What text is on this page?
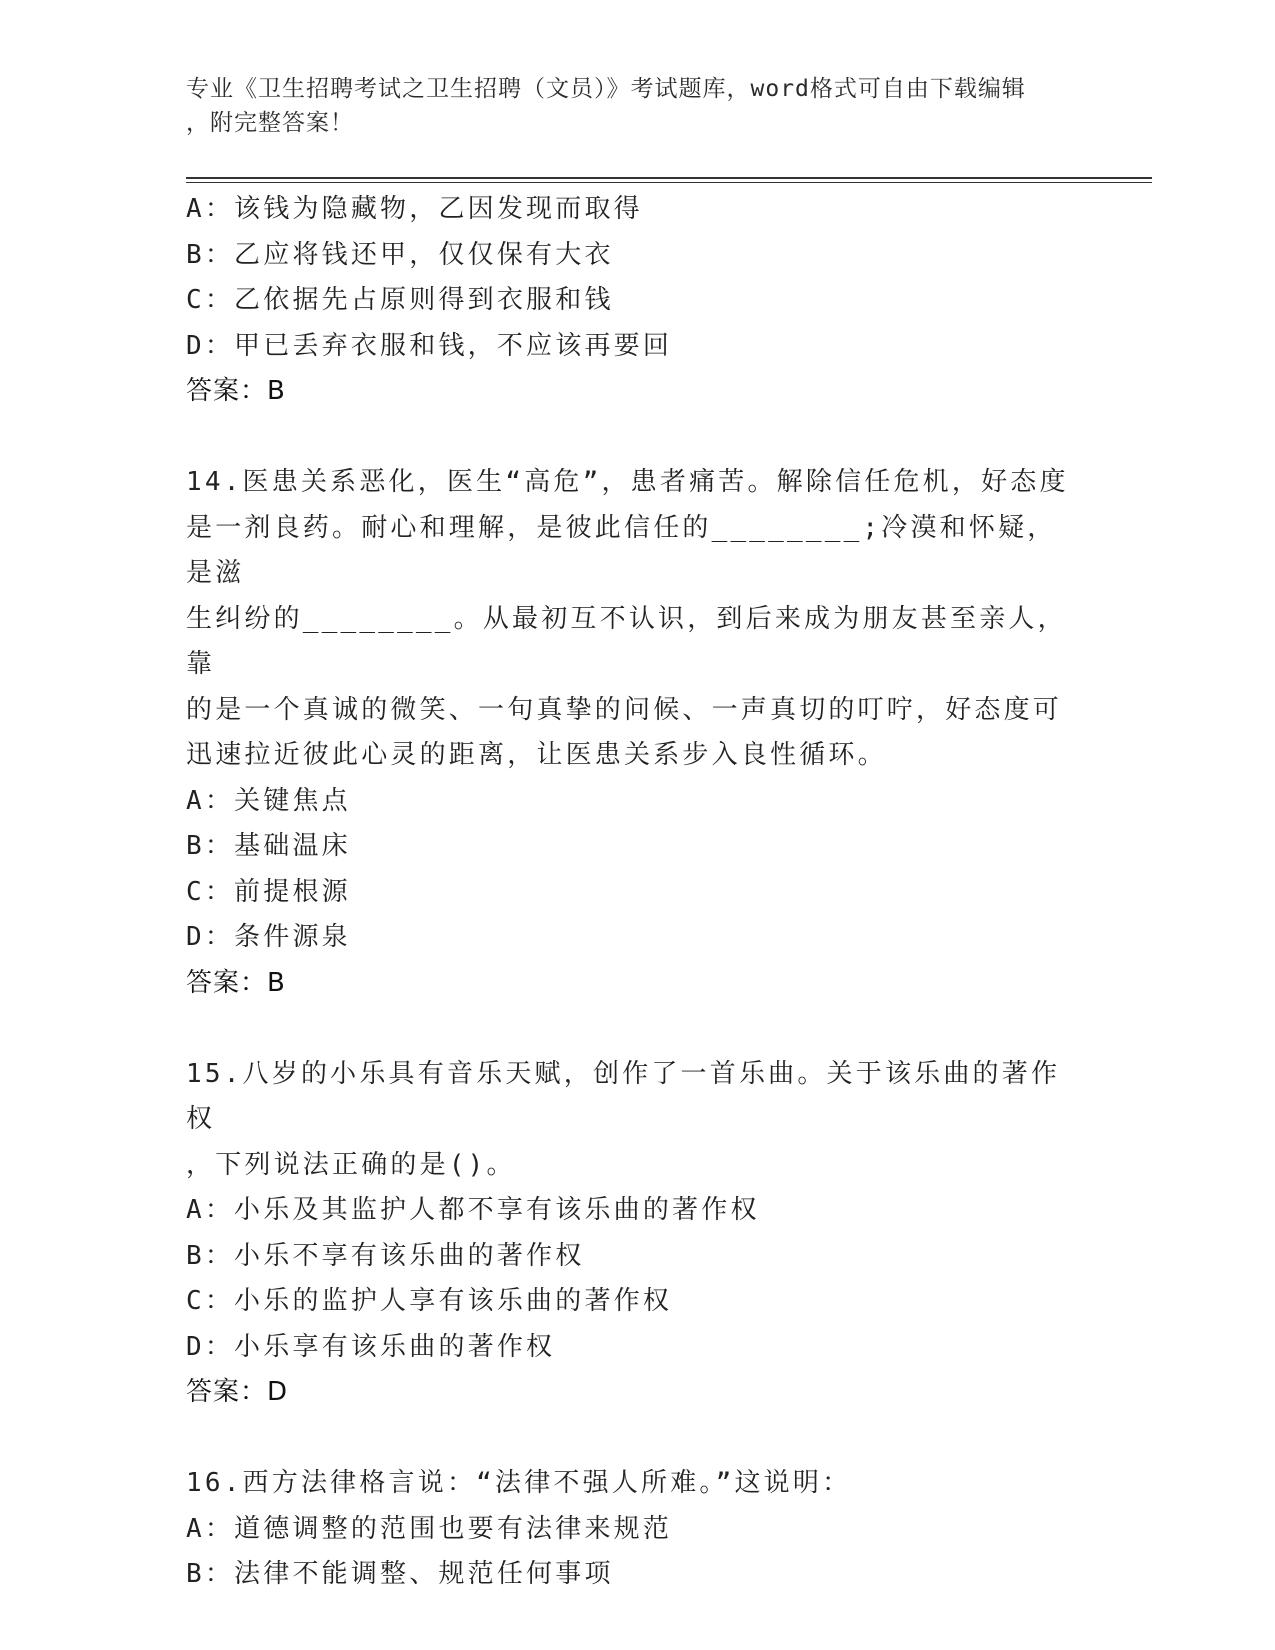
专业《卫生招聘考试之卫生招聘（文员）》考试题库，word格式可自由下载编辑
，附完整答案！
A：该钱为隐藏物，乙因发现而取得
B：乙应将钱还甲，仅仅保有大衣
C：乙依据先占原则得到衣服和钱
D：甲已丢弃衣服和钱，不应该再要回
答案：B
14.医患关系恶化，医生“高危”，患者痛苦。解除信任危机，好态度
是一剂良药。耐心和理解，是彼此信任的________;冷漠和怀疑，是滋
生纠纷的________。从最初互不认识，到后来成为朋友甚至亲人，靠
的是一个真诚的微笑、一句真挚的问候、一声真切的叮咛，好态度可
迅速拉近彼此心灵的距离，让医患关系步入良性循环。
A：关键焦点
B：基础温床
C：前提根源
D：条件源泉
答案：B
15.八岁的小乐具有音乐天赋，创作了一首乐曲。关于该乐曲的著作权
，下列说法正确的是()。
A：小乐及其监护人都不享有该乐曲的著作权
B：小乐不享有该乐曲的著作权
C：小乐的监护人享有该乐曲的著作权
D：小乐享有该乐曲的著作权
答案：D
16.西方法律格言说：“法律不强人所难。”这说明：
A：道德调整的范围也要有法律来规范
B：法律不能调整、规范任何事项
